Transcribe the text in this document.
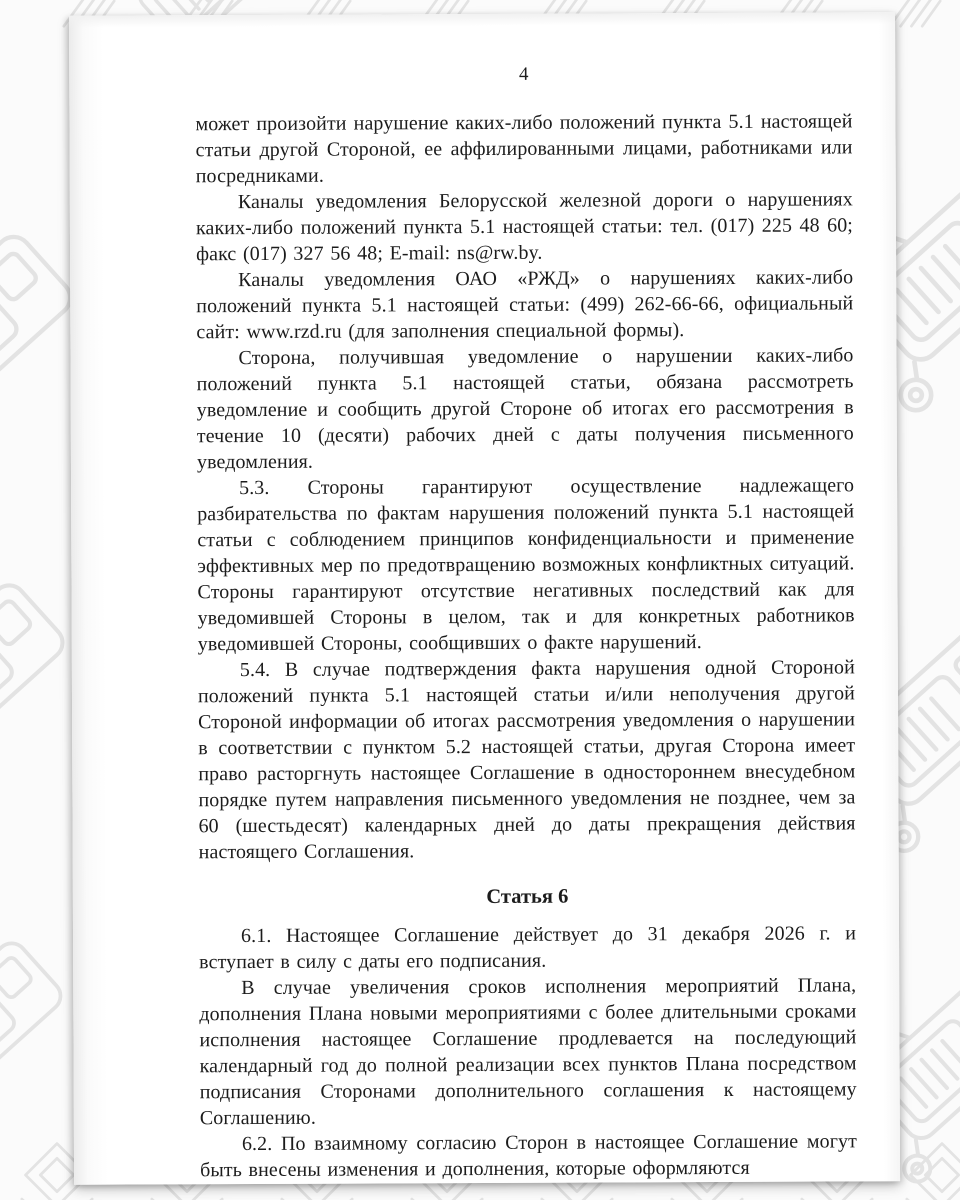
4

может произойти нарушение каких-либо положений пункта 5.1 настоящей статьи другой Стороной, ее аффилированными лицами, работниками или посредниками.

Каналы уведомления Белорусской железной дороги о нарушениях каких-либо положений пункта 5.1 настоящей статьи: тел. (017) 225 48 60; факс (017) 327 56 48; E-mail: ns@rw.by.

Каналы уведомления ОАО «РЖД» о нарушениях каких-либо положений пункта 5.1 настоящей статьи: (499) 262-66-66, официальный сайт: www.rzd.ru (для заполнения специальной формы).

Сторона, получившая уведомление о нарушении каких-либо положений пункта 5.1 настоящей статьи, обязана рассмотреть уведомление и сообщить другой Стороне об итогах его рассмотрения в течение 10 (десяти) рабочих дней с даты получения письменного уведомления.

5.3. Стороны гарантируют осуществление надлежащего разбирательства по фактам нарушения положений пункта 5.1 настоящей статьи с соблюдением принципов конфиденциальности и применение эффективных мер по предотвращению возможных конфликтных ситуаций. Стороны гарантируют отсутствие негативных последствий как для уведомившей Стороны в целом, так и для конкретных работников уведомившей Стороны, сообщивших о факте нарушений.

5.4. В случае подтверждения факта нарушения одной Стороной положений пункта 5.1 настоящей статьи и/или неполучения другой Стороной информации об итогах рассмотрения уведомления о нарушении в соответствии с пунктом 5.2 настоящей статьи, другая Сторона имеет право расторгнуть настоящее Соглашение в одностороннем внесудебном порядке путем направления письменного уведомления не позднее, чем за 60 (шестьдесят) календарных дней до даты прекращения действия настоящего Соглашения.

Статья 6

6.1. Настоящее Соглашение действует до 31 декабря 2026 г. и вступает в силу с даты его подписания.

В случае увеличения сроков исполнения мероприятий Плана, дополнения Плана новыми мероприятиями с более длительными сроками исполнения настоящее Соглашение продлевается на последующий календарный год до полной реализации всех пунктов Плана посредством подписания Сторонами дополнительного соглашения к настоящему Соглашению.

6.2. По взаимному согласию Сторон в настоящее Соглашение могут быть внесены изменения и дополнения, которые оформляются
